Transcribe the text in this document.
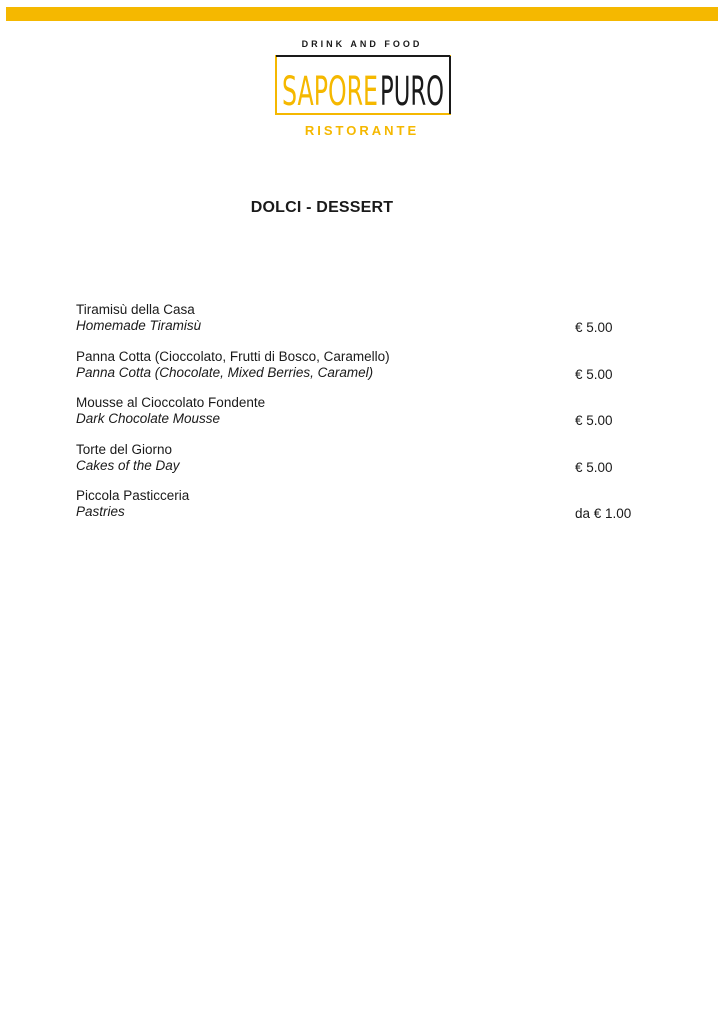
DRINK AND FOOD
SAPORE PURO
RISTORANTE
DOLCI - DESSERT
Tiramisù della Casa
Homemade Tiramisù	€ 5.00
Panna Cotta (Cioccolato, Frutti di Bosco, Caramello)
Panna Cotta (Chocolate, Mixed Berries, Caramel)	€ 5.00
Mousse al Cioccolato Fondente
Dark Chocolate Mousse	€ 5.00
Torte del Giorno
Cakes of the Day	€ 5.00
Piccola Pasticceria
Pastries	da € 1.00
